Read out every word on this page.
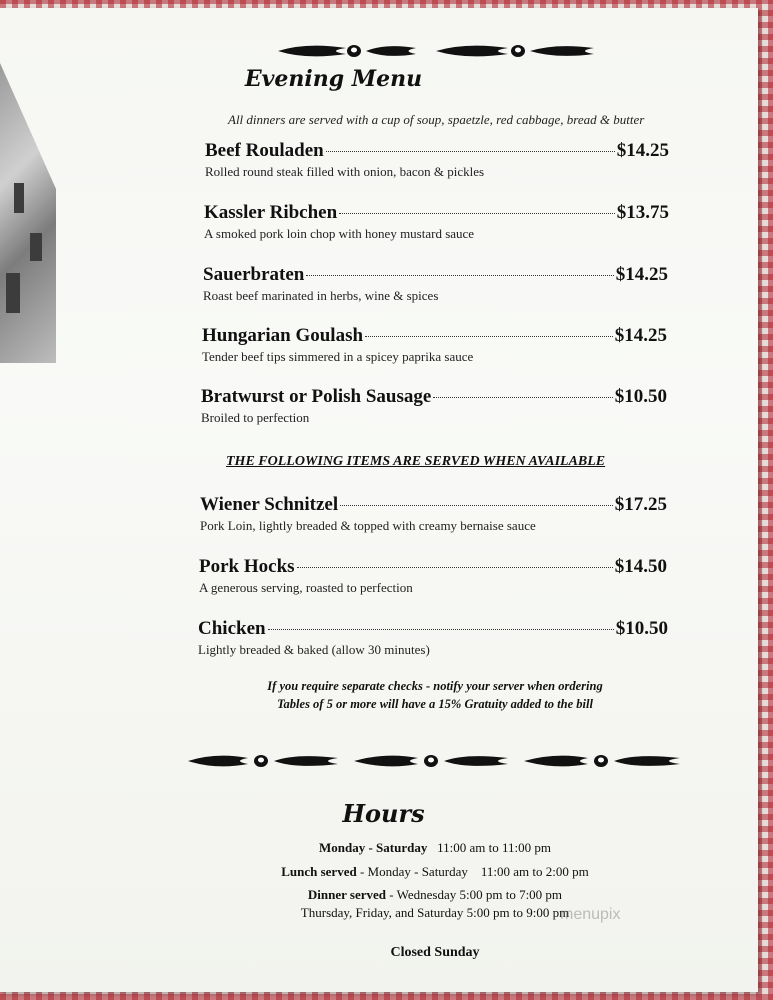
Evening Menu
All dinners are served with a cup of soup, spaetzle, red cabbage, bread & butter
Beef Rouladen	$14.25
Rolled round steak filled with onion, bacon & pickles
Kassler Ribchen	$13.75
A smoked pork loin chop with honey mustard sauce
Sauerbraten	$14.25
Roast beef marinated in herbs, wine & spices
Hungarian Goulash	$14.25
Tender beef tips simmered in a spicey paprika sauce
Bratwurst or Polish Sausage	$10.50
Broiled to perfection
THE FOLLOWING ITEMS ARE SERVED WHEN AVAILABLE
Wiener Schnitzel	$17.25
Pork Loin, lightly breaded & topped with creamy bernaise sauce
Pork Hocks	$14.50
A generous serving, roasted to perfection
Chicken	$10.50
Lightly breaded & baked (allow 30 minutes)
If you require separate checks - notify your server when ordering
Tables of 5 or more will have a 15% Gratuity added to the bill
Hours
Monday - Saturday 11:00 am to 11:00 pm
Lunch served - Monday - Saturday 11:00 am to 2:00 pm
Dinner served - Wednesday 5:00 pm to 7:00 pm
Thursday, Friday, and Saturday 5:00 pm to 9:00 pm
Closed Sunday
menupix
